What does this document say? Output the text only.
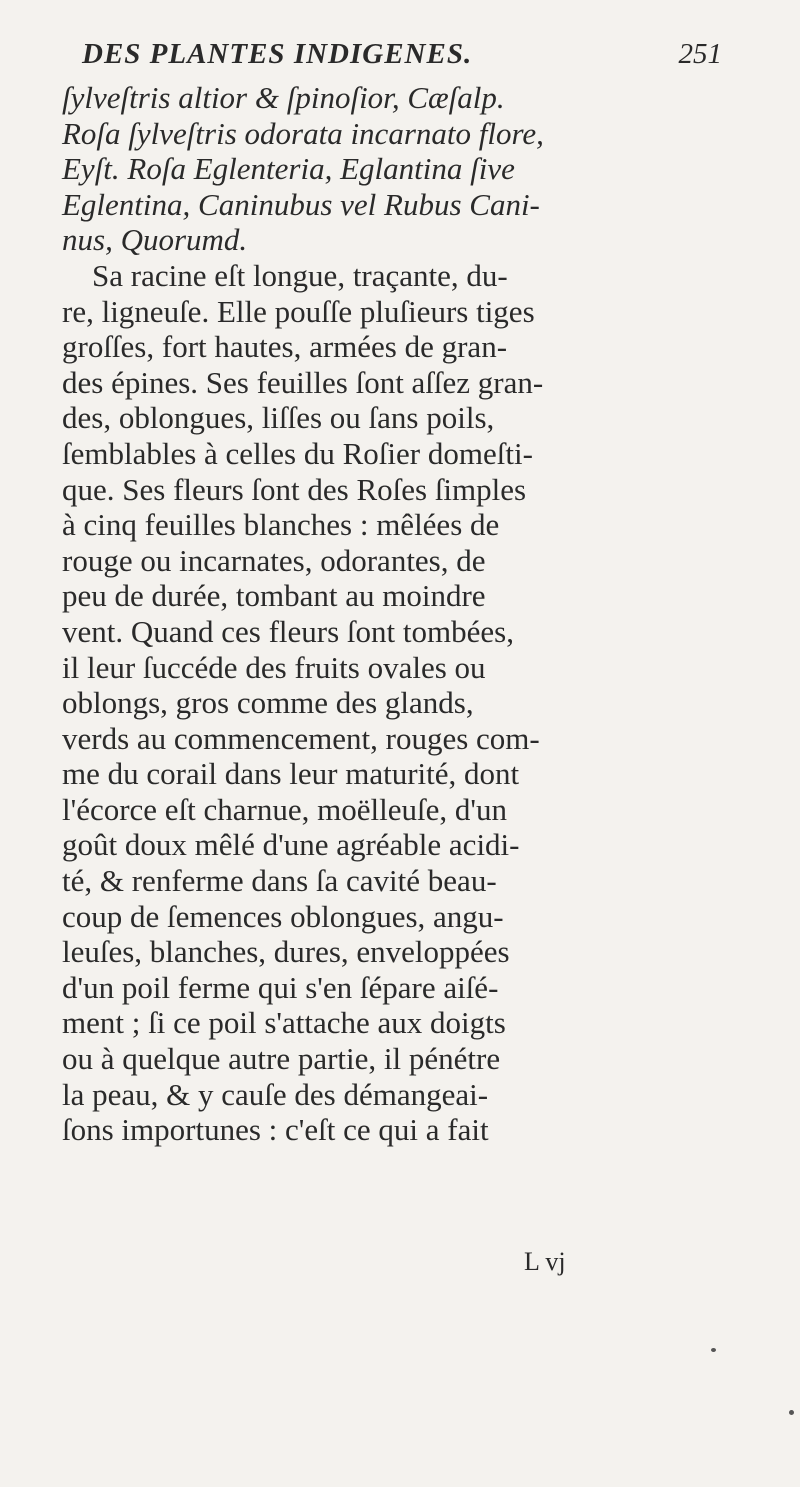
DES PLANTES INDIGENES.	251
ſylveſtris altior & ſpinoſior, Cæſalp.
Roſa ſylveſtris odorata incarnato flore,
Eyſt. Roſa Eglenteria, Eglantina ſive
Eglentina, Caninubus vel Rubus Cani-
nus, Quorumd.
Sa racine eſt longue, traçante, du-
re, ligneuſe. Elle pouſſe pluſieurs tiges
groſſes, fort hautes, armées de gran-
des épines. Ses feuilles ſont aſſez gran-
des, oblongues, liſſes ou ſans poils,
ſemblables à celles du Roſier domeſti-
que. Ses fleurs ſont des Roſes ſimples
à cinq feuilles blanches : mêlées de
rouge ou incarnates, odorantes, de
peu de durée, tombant au moindre
vent. Quand ces fleurs ſont tombées,
il leur ſuccéde des fruits ovales ou
oblongs, gros comme des glands,
verds au commencement, rouges com-
me du corail dans leur maturité, dont
l'écorce eſt charnue, moëlleuſe, d'un
goût doux mêlé d'une agréable acidi-
té, & renferme dans ſa cavité beau-
coup de ſemences oblongues, angu-
leuſes, blanches, dures, enveloppées
d'un poil ferme qui s'en ſépare aiſé-
ment ; ſi ce poil s'attache aux doigts
ou à quelque autre partie, il pénétre
la peau, & y cauſe des démangeai-
ſons importunes : c'eſt ce qui a fait
L vj
